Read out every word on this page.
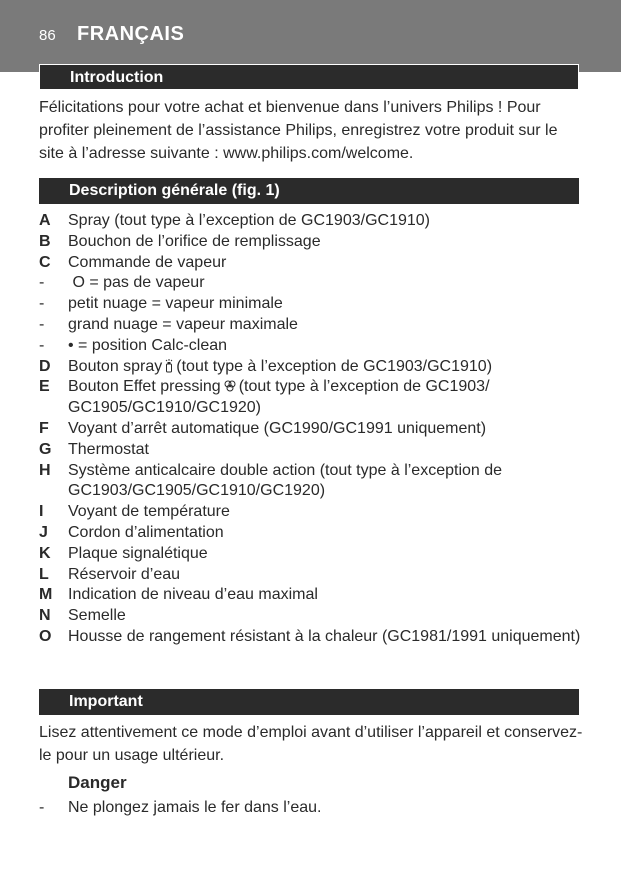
86 FRANÇAIS
Introduction

Félicitations pour votre achat et bienvenue dans l’univers Philips ! Pour profiter pleinement de l’assistance Philips, enregistrez votre produit sur le site à l’adresse suivante : www.philips.com/welcome.

Description générale (fig. 1)
A	Spray (tout type à l’exception de GC1903/GC1910)
B	Bouchon de l’orifice de remplissage
C	Commande de vapeur
-	O = pas de vapeur
-	petit nuage = vapeur minimale
-	grand nuage = vapeur maximale
-	• = position Calc-clean
D	Bouton spray (tout type à l’exception de GC1903/GC1910)
E	Bouton Effet pressing (tout type à l’exception de GC1903/ GC1905/GC1910/GC1920)
F	Voyant d’arrêt automatique (GC1990/GC1991 uniquement)
G	Thermostat
H	Système anticalcaire double action (tout type à l’exception de GC1903/GC1905/GC1910/GC1920)
I	Voyant de température
J	Cordon d’alimentation
K	Plaque signalétique
L	Réservoir d’eau
M Indication de niveau d’eau maximal
N	Semelle
O	Housse de rangement résistant à la chaleur (GC1981/1991 uniquement)
Important

Lisez attentivement ce mode d’emploi avant d’utiliser l’appareil et conservez-le pour un usage ultérieur.

Danger
-	Ne plongez jamais le fer dans l’eau.
